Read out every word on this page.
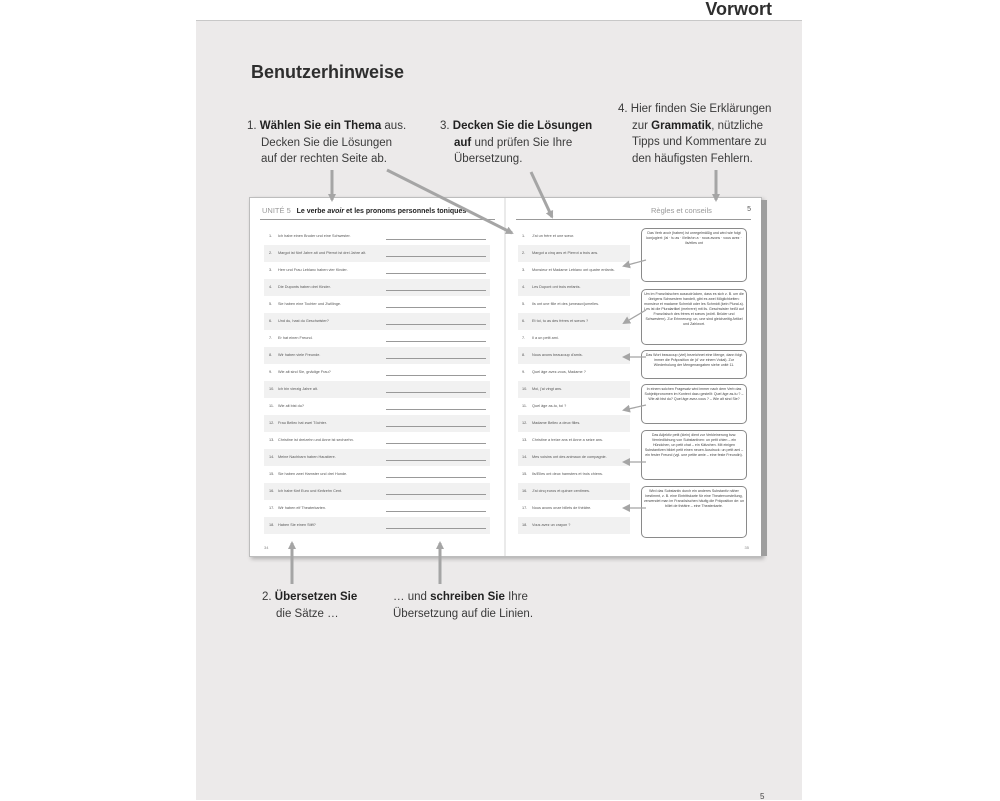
Vorwort
Benutzerhinweise
1. Wählen Sie ein Thema aus.
Decken Sie die Lösungen
auf der rechten Seite ab.
3. Decken Sie die Lösungen
auf und prüfen Sie Ihre
Übersetzung.
4. Hier finden Sie Erklärungen
zur Grammatik, nützliche
Tipps und Kommentare zu
den häufigsten Fehlern.
2. Übersetzen Sie
die Sätze …
… und schreiben Sie Ihre
Übersetzung auf die Linien.
UNITÉ 5 Le verbe avoir et les pronoms personnels toniques
1. Ich habe einen Bruder und eine Schwester.
2. Margot ist fünf Jahre alt und Pierrot ist drei Jahre alt.
3. Herr und Frau Leblanc haben vier Kinder.
4. Die Duponts haben drei Kinder.
5. Sie haben eine Tochter und Zwillinge.
6. Und du, hast du Geschwister?
7. Er hat einen Freund.
8. Wir haben viele Freunde.
9. Wie alt sind Sie, gnädige Frau?
10. Ich bin vierzig Jahre alt.
11. Wie alt bist du?
12. Frau Bellec hat zwei Töchter.
13. Christine ist dreizehn und Anne ist sechzehn.
14. Meine Nachbarn haben Haustiere.
15. Sie haben zwei Hamster und drei Hunde.
16. Ich habe fünf Euro und fünfzehn Cent.
17. Wir haben elf Theaterkarten.
18. Haben Sie einen Stift?
34
Règles et conseils	5
1. J'ai un frère et une sœur.
2. Margot a cinq ans et Pierrot a trois ans.
3. Monsieur et Madame Leblanc ont quatre enfants.
4. Les Dupont ont trois enfants.
5. Ils ont une fille et des jumeaux/jumelles.
6. Et toi, tu as des frères et sœurs ?
7. Il a un petit ami.
8. Nous avons beaucoup d'amis.
9. Quel âge avez-vous, Madame ?
10. Moi, j'ai vingt ans.
11. Quel âge as-tu, toi ?
12. Madame Bellec a deux filles.
13. Christine a treize ans et Anne a seize ans.
14. Mes voisins ont des animaux de compagnie.
15. Ils/Elles ont deux hamsters et trois chiens.
16. J'ai cinq euros et quinze centimes.
17. Nous avons onze billets de théâtre.
18. Vous avez un crayon ?
Das Verb avoir (haben) ist unregelmäßig und wird wie folgt konjugiert: j'ai · tu as · il/elle/on a · nous avons · vous avez · ils/elles ont
Um im Französischen auszudrücken, dass es sich z. B. um die übrigens Schwestern handelt, gibt es zwei Möglichkeiten: monsieur et madame Schmidt oder les Schmidt (kein Plural-s). Les ist die Pluralartikel (mehrere) mit ils. Geschwister heißt auf Französisch des frères et sœurs (wörtl. Brüder und Schwestern). Zur Erinnerung: un, une sind gleichzeitig Artikel und Zahlwort.
Das Wort beaucoup (viel) bezeichnet eine Menge, dann folgt immer die Präposition de (d' vor einem Vokal). Zur Wiederholung der Mengenangaben siehe unité 11.
In einem solchen Fragesatz wird immer nach dem Verb das Subjektpronomen im Kontext dazu gestellt: Quel âge as-tu ? – Wie alt bist du? Quel âge avez-vous ? – Wie alt sind Sie?
Das Adjektiv petit (klein) dient zur Verkleinerung bzw. Verniedlichung von Substantiven: un petit chien – ein Hündchen, un petit chat – ein Kätzchen. Mit einigen Substantiven bildet petit einen neuen Ausdruck: un petit ami – ein fester Freund (vgl. une petite amie – eine feste Freundin).
Wird das Substantiv durch ein anderes Substantiv näher bestimmt, z. B. eine Eintrittskarte für eine Theatervorstellung, verwendet man im Französischen häufig die Präposition de: un billet de théâtre – eine Theaterkarte.
35
5
